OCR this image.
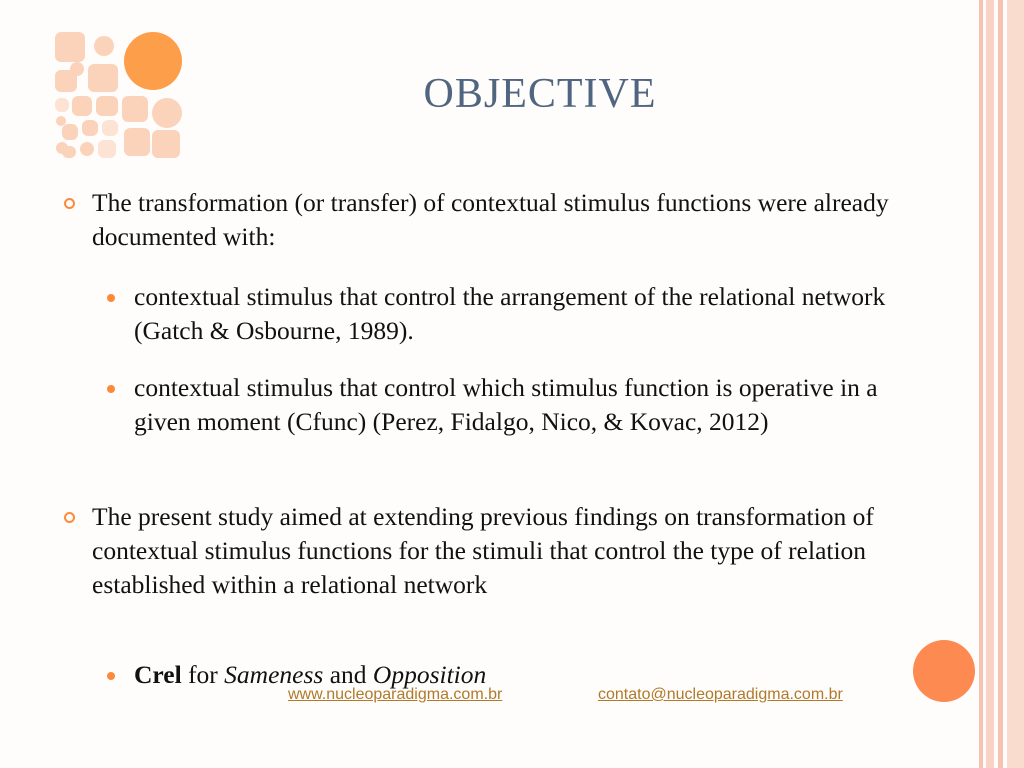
OBJECTIVE
The transformation (or transfer) of contextual stimulus functions were already documented with:
contextual stimulus that control the arrangement of the relational network (Gatch & Osbourne, 1989).
contextual stimulus that control which stimulus function is operative in a given moment (Cfunc) (Perez, Fidalgo, Nico, & Kovac, 2012)
The present study aimed at extending previous findings on transformation of contextual stimulus functions for the stimuli that control the type of relation established within a relational network
Crel for Sameness and Opposition
www.nucleoparadigma.com.br	contato@nucleoparadigma.com.br
